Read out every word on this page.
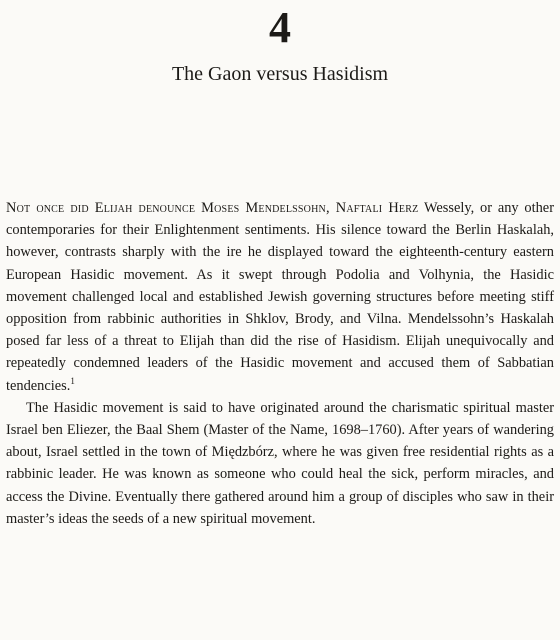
4
The Gaon versus Hasidism

Not once did Elijah denounce Moses Mendelssohn, Naftali Herz Wessely, or any other contemporaries for their Enlightenment sentiments. His silence toward the Berlin Haskalah, however, contrasts sharply with the ire he displayed toward the eighteenth-century eastern European Hasidic movement. As it swept through Podolia and Volhynia, the Hasidic movement challenged local and established Jewish governing structures before meeting stiff opposition from rabbinic authorities in Shklov, Brody, and Vilna. Mendelssohn’s Haskalah posed far less of a threat to Elijah than did the rise of Hasidism. Elijah unequivocally and repeatedly condemned leaders of the Hasidic movement and accused them of Sabbatian tendencies.$^1$

The Hasidic movement is said to have originated around the charismatic spiritual master Israel ben Eliezer, the Baal Shem (Master of the Name, 1698–1760). After years of wandering about, Israel settled in the town of Międzbórz, where he was given free residential rights as a rabbinic leader. He was known as someone who could heal the sick, perform miracles, and access the Divine. Eventually there gathered around him a group of disciples who saw in their master’s ideas the seeds of a new spiritual movement.
